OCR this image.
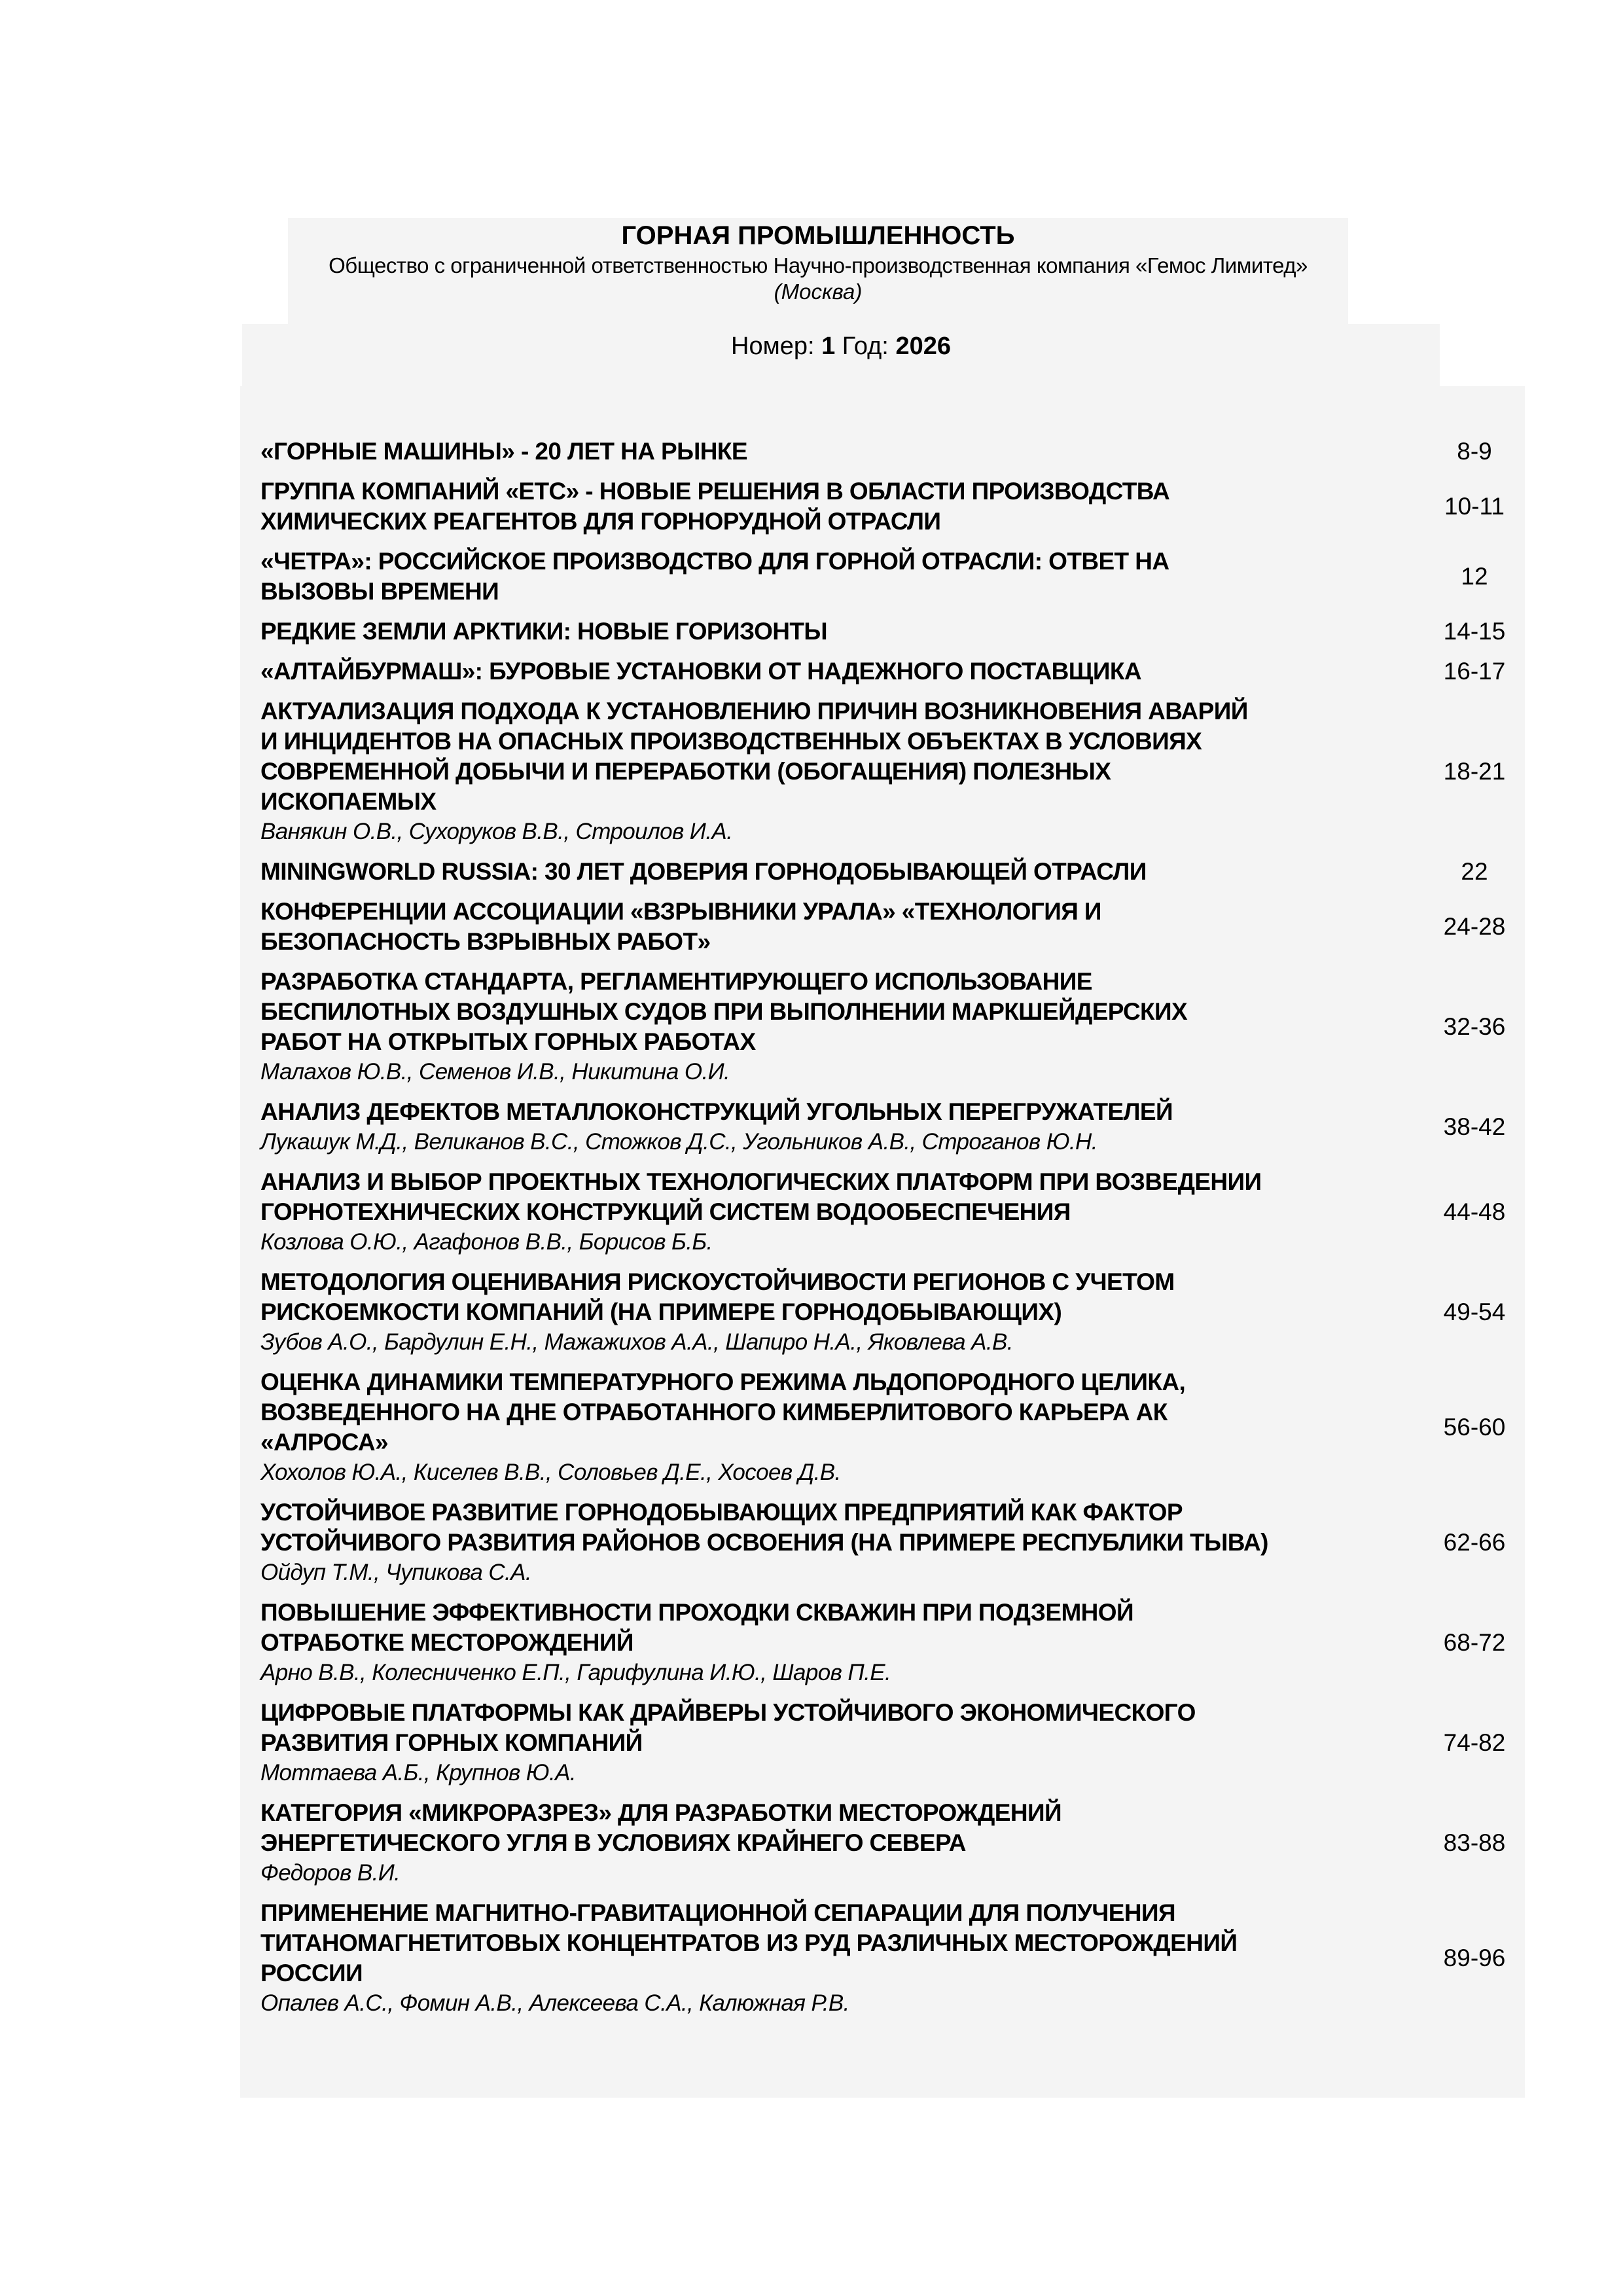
ГОРНАЯ ПРОМЫШЛЕННОСТЬ
Общество с ограниченной ответственностью Научно-производственная компания «Гемос Лимитед»
(Москва)
Номер: 1 Год: 2026
«ГОРНЫЕ МАШИНЫ» - 20 ЛЕТ НА РЫНКЕ	8-9
ГРУППА КОМПАНИЙ «ЕТС» - НОВЫЕ РЕШЕНИЯ В ОБЛАСТИ ПРОИЗВОДСТВА
ХИМИЧЕСКИХ РЕАГЕНТОВ ДЛЯ ГОРНОРУДНОЙ ОТРАСЛИ
10-11
«ЧЕТРА»: РОССИЙСКОЕ ПРОИЗВОДСТВО ДЛЯ ГОРНОЙ ОТРАСЛИ: ОТВЕТ НА
ВЫЗОВЫ ВРЕМЕНИ
12
РЕДКИЕ ЗЕМЛИ АРКТИКИ: НОВЫЕ ГОРИЗОНТЫ	14-15
«АЛТАЙБУРМАШ»: БУРОВЫЕ УСТАНОВКИ ОТ НАДЕЖНОГО ПОСТАВЩИКА	16-17
АКТУАЛИЗАЦИЯ ПОДХОДА К УСТАНОВЛЕНИЮ ПРИЧИН ВОЗНИКНОВЕНИЯ АВАРИЙ
И ИНЦИДЕНТОВ НА ОПАСНЫХ ПРОИЗВОДСТВЕННЫХ ОБЪЕКТАХ В УСЛОВИЯХ
СОВРЕМЕННОЙ ДОБЫЧИ И ПЕРЕРАБОТКИ (ОБОГАЩЕНИЯ) ПОЛЕЗНЫХ
ИСКОПАЕМЫХ
Ванякин О.В., Сухоруков В.В., Строилов И.А.
18-21
MININGWORLD RUSSIA: 30 ЛЕТ ДОВЕРИЯ ГОРНОДОБЫВАЮЩЕЙ ОТРАСЛИ	22
КОНФЕРЕНЦИИ АССОЦИАЦИИ «ВЗРЫВНИКИ УРАЛА» «ТЕХНОЛОГИЯ И
БЕЗОПАСНОСТЬ ВЗРЫВНЫХ РАБОТ»
24-28
РАЗРАБОТКА СТАНДАРТА, РЕГЛАМЕНТИРУЮЩЕГО ИСПОЛЬЗОВАНИЕ
БЕСПИЛОТНЫХ ВОЗДУШНЫХ СУДОВ ПРИ ВЫПОЛНЕНИИ МАРКШЕЙДЕРСКИХ
РАБОТ НА ОТКРЫТЫХ ГОРНЫХ РАБОТАХ
Малахов Ю.В., Семенов И.В., Никитина О.И.
32-36
АНАЛИЗ ДЕФЕКТОВ МЕТАЛЛОКОНСТРУКЦИЙ УГОЛЬНЫХ ПЕРЕГРУЖАТЕЛЕЙ
Лукашук М.Д., Великанов В.С., Стожков Д.С., Угольников А.В., Строганов Ю.Н.
38-42
АНАЛИЗ И ВЫБОР ПРОЕКТНЫХ ТЕХНОЛОГИЧЕСКИХ ПЛАТФОРМ ПРИ ВОЗВЕДЕНИИ
ГОРНОТЕХНИЧЕСКИХ КОНСТРУКЦИЙ СИСТЕМ ВОДООБЕСПЕЧЕНИЯ
Козлова О.Ю., Агафонов В.В., Борисов Б.Б.
44-48
МЕТОДОЛОГИЯ ОЦЕНИВАНИЯ РИСКОУСТОЙЧИВОСТИ РЕГИОНОВ С УЧЕТОМ
РИСКОЕМКОСТИ КОМПАНИЙ (НА ПРИМЕРЕ ГОРНОДОБЫВАЮЩИХ)
Зубов А.О., Бардулин Е.Н., Мажажихов А.А., Шапиро Н.А., Яковлева А.В.
49-54
ОЦЕНКА ДИНАМИКИ ТЕМПЕРАТУРНОГО РЕЖИМА ЛЬДОПОРОДНОГО ЦЕЛИКА,
ВОЗВЕДЕННОГО НА ДНЕ ОТРАБОТАННОГО КИМБЕРЛИТОВОГО КАРЬЕРА АК
«АЛРОСА»
Хохолов Ю.А., Киселев В.В., Соловьев Д.Е., Хосоев Д.В.
56-60
УСТОЙЧИВОЕ РАЗВИТИЕ ГОРНОДОБЫВАЮЩИХ ПРЕДПРИЯТИЙ КАК ФАКТОР
УСТОЙЧИВОГО РАЗВИТИЯ РАЙОНОВ ОСВОЕНИЯ (НА ПРИМЕРЕ РЕСПУБЛИКИ ТЫВА)
Ойдуп Т.М., Чупикова С.А.
62-66
ПОВЫШЕНИЕ ЭФФЕКТИВНОСТИ ПРОХОДКИ СКВАЖИН ПРИ ПОДЗЕМНОЙ
ОТРАБОТКЕ МЕСТОРОЖДЕНИЙ
Арно В.В., Колесниченко Е.П., Гарифулина И.Ю., Шаров П.Е.
68-72
ЦИФРОВЫЕ ПЛАТФОРМЫ КАК ДРАЙВЕРЫ УСТОЙЧИВОГО ЭКОНОМИЧЕСКОГО
РАЗВИТИЯ ГОРНЫХ КОМПАНИЙ
Моттаева А.Б., Крупнов Ю.А.
74-82
КАТЕГОРИЯ «МИКРОРАЗРЕЗ» ДЛЯ РАЗРАБОТКИ МЕСТОРОЖДЕНИЙ
ЭНЕРГЕТИЧЕСКОГО УГЛЯ В УСЛОВИЯХ КРАЙНЕГО СЕВЕРА
Федоров В.И.
83-88
ПРИМЕНЕНИЕ МАГНИТНО-ГРАВИТАЦИОННОЙ СЕПАРАЦИИ ДЛЯ ПОЛУЧЕНИЯ
ТИТАНОМАГНЕТИТОВЫХ КОНЦЕНТРАТОВ ИЗ РУД РАЗЛИЧНЫХ МЕСТОРОЖДЕНИЙ
РОССИИ
Опалев А.С., Фомин А.В., Алексеева С.А., Калюжная Р.В.
89-96
